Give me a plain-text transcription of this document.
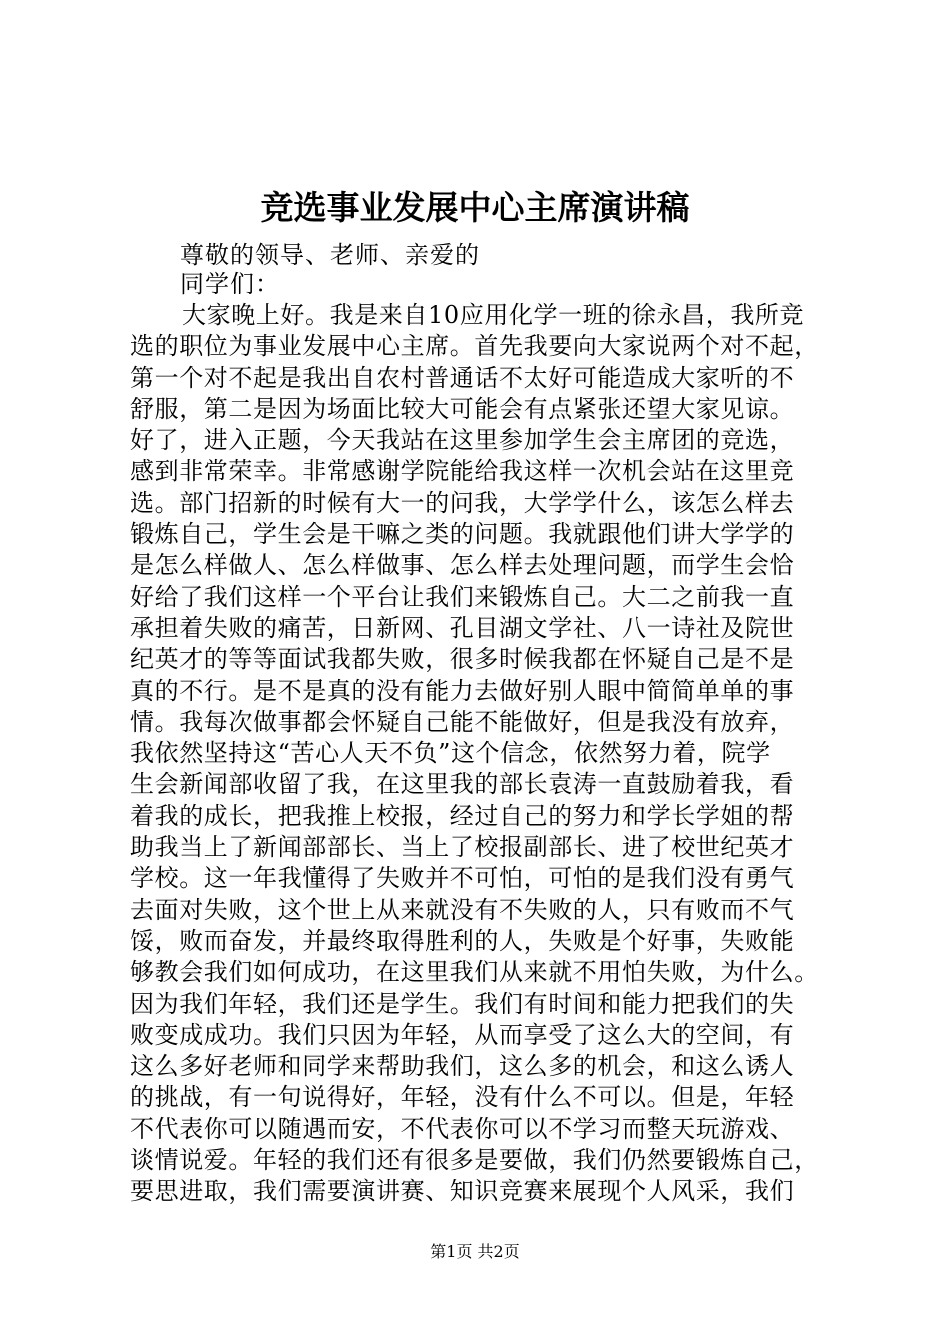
竞选事业发展中心主席演讲稿
尊敬的领导、老师、亲爱的
同学们：
大家晚上好。我是来自10应用化学一班的徐永昌，我所竞
选的职位为事业发展中心主席。首先我要向大家说两个对不起，
第一个对不起是我出自农村普通话不太好可能造成大家听的不
舒服，第二是因为场面比较大可能会有点紧张还望大家见谅。
好了，进入正题，今天我站在这里参加学生会主席团的竞选，
感到非常荣幸。非常感谢学院能给我这样一次机会站在这里竞
选。部门招新的时候有大一的问我，大学学什么，该怎么样去
锻炼自己，学生会是干嘛之类的问题。我就跟他们讲大学学的
是怎么样做人、怎么样做事、怎么样去处理问题，而学生会恰
好给了我们这样一个平台让我们来锻炼自己。大二之前我一直
承担着失败的痛苦，日新网、孔目湖文学社、八一诗社及院世
纪英才的等等面试我都失败，很多时候我都在怀疑自己是不是
真的不行。是不是真的没有能力去做好别人眼中简简单单的事
情。我每次做事都会怀疑自己能不能做好，但是我没有放弃，
我依然坚持这“苦心人天不负”这个信念，依然努力着，院学
生会新闻部收留了我，在这里我的部长袁涛一直鼓励着我，看
着我的成长，把我推上校报，经过自己的努力和学长学姐的帮
助我当上了新闻部部长、当上了校报副部长、进了校世纪英才
学校。这一年我懂得了失败并不可怕，可怕的是我们没有勇气
去面对失败，这个世上从来就没有不失败的人，只有败而不气
馁，败而奋发，并最终取得胜利的人，失败是个好事，失败能
够教会我们如何成功，在这里我们从来就不用怕失败，为什么。
因为我们年轻，我们还是学生。我们有时间和能力把我们的失
败变成成功。我们只因为年轻，从而享受了这么大的空间，有
这么多好老师和同学来帮助我们，这么多的机会，和这么诱人
的挑战，有一句说得好，年轻，没有什么不可以。但是，年轻
不代表你可以随遇而安，不代表你可以不学习而整天玩游戏、
谈情说爱。年轻的我们还有很多是要做，我们仍然要锻炼自己，
要思进取，我们需要演讲赛、知识竞赛来展现个人风采，我们
第1页 共2页
